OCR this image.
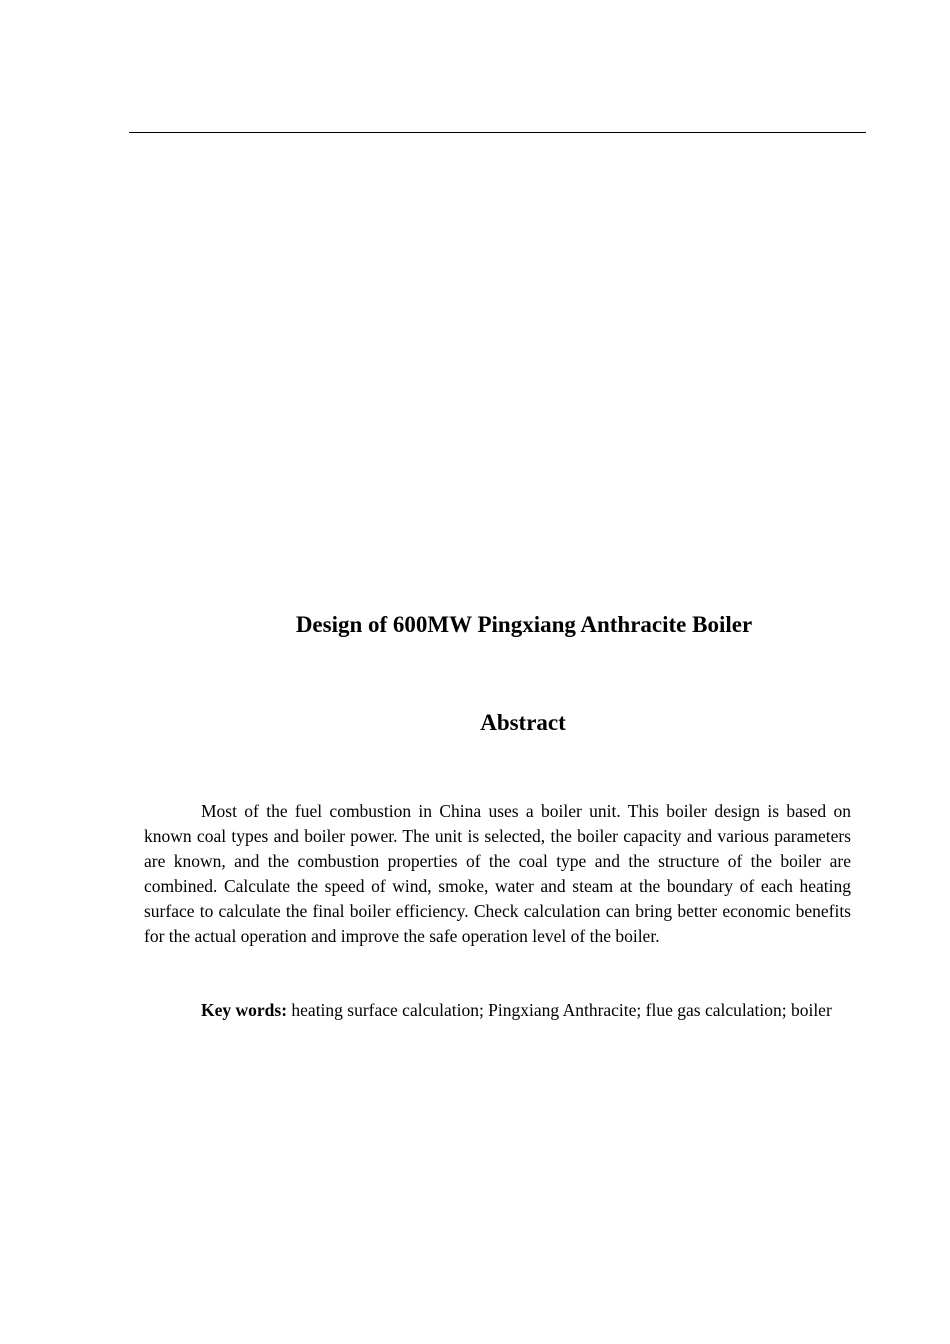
Design of 600MW Pingxiang Anthracite Boiler
Abstract

Most of the fuel combustion in China uses a boiler unit. This boiler design is based on known coal types and boiler power. The unit is selected, the boiler capacity and various parameters are known, and the combustion properties of the coal type and the structure of the boiler are combined. Calculate the speed of wind, smoke, water and steam at the boundary of each heating surface to calculate the final boiler efficiency. Check calculation can bring better economic benefits for the actual operation and improve the safe operation level of the boiler.

Key words: heating surface calculation; Pingxiang Anthracite; flue gas calculation; boiler
